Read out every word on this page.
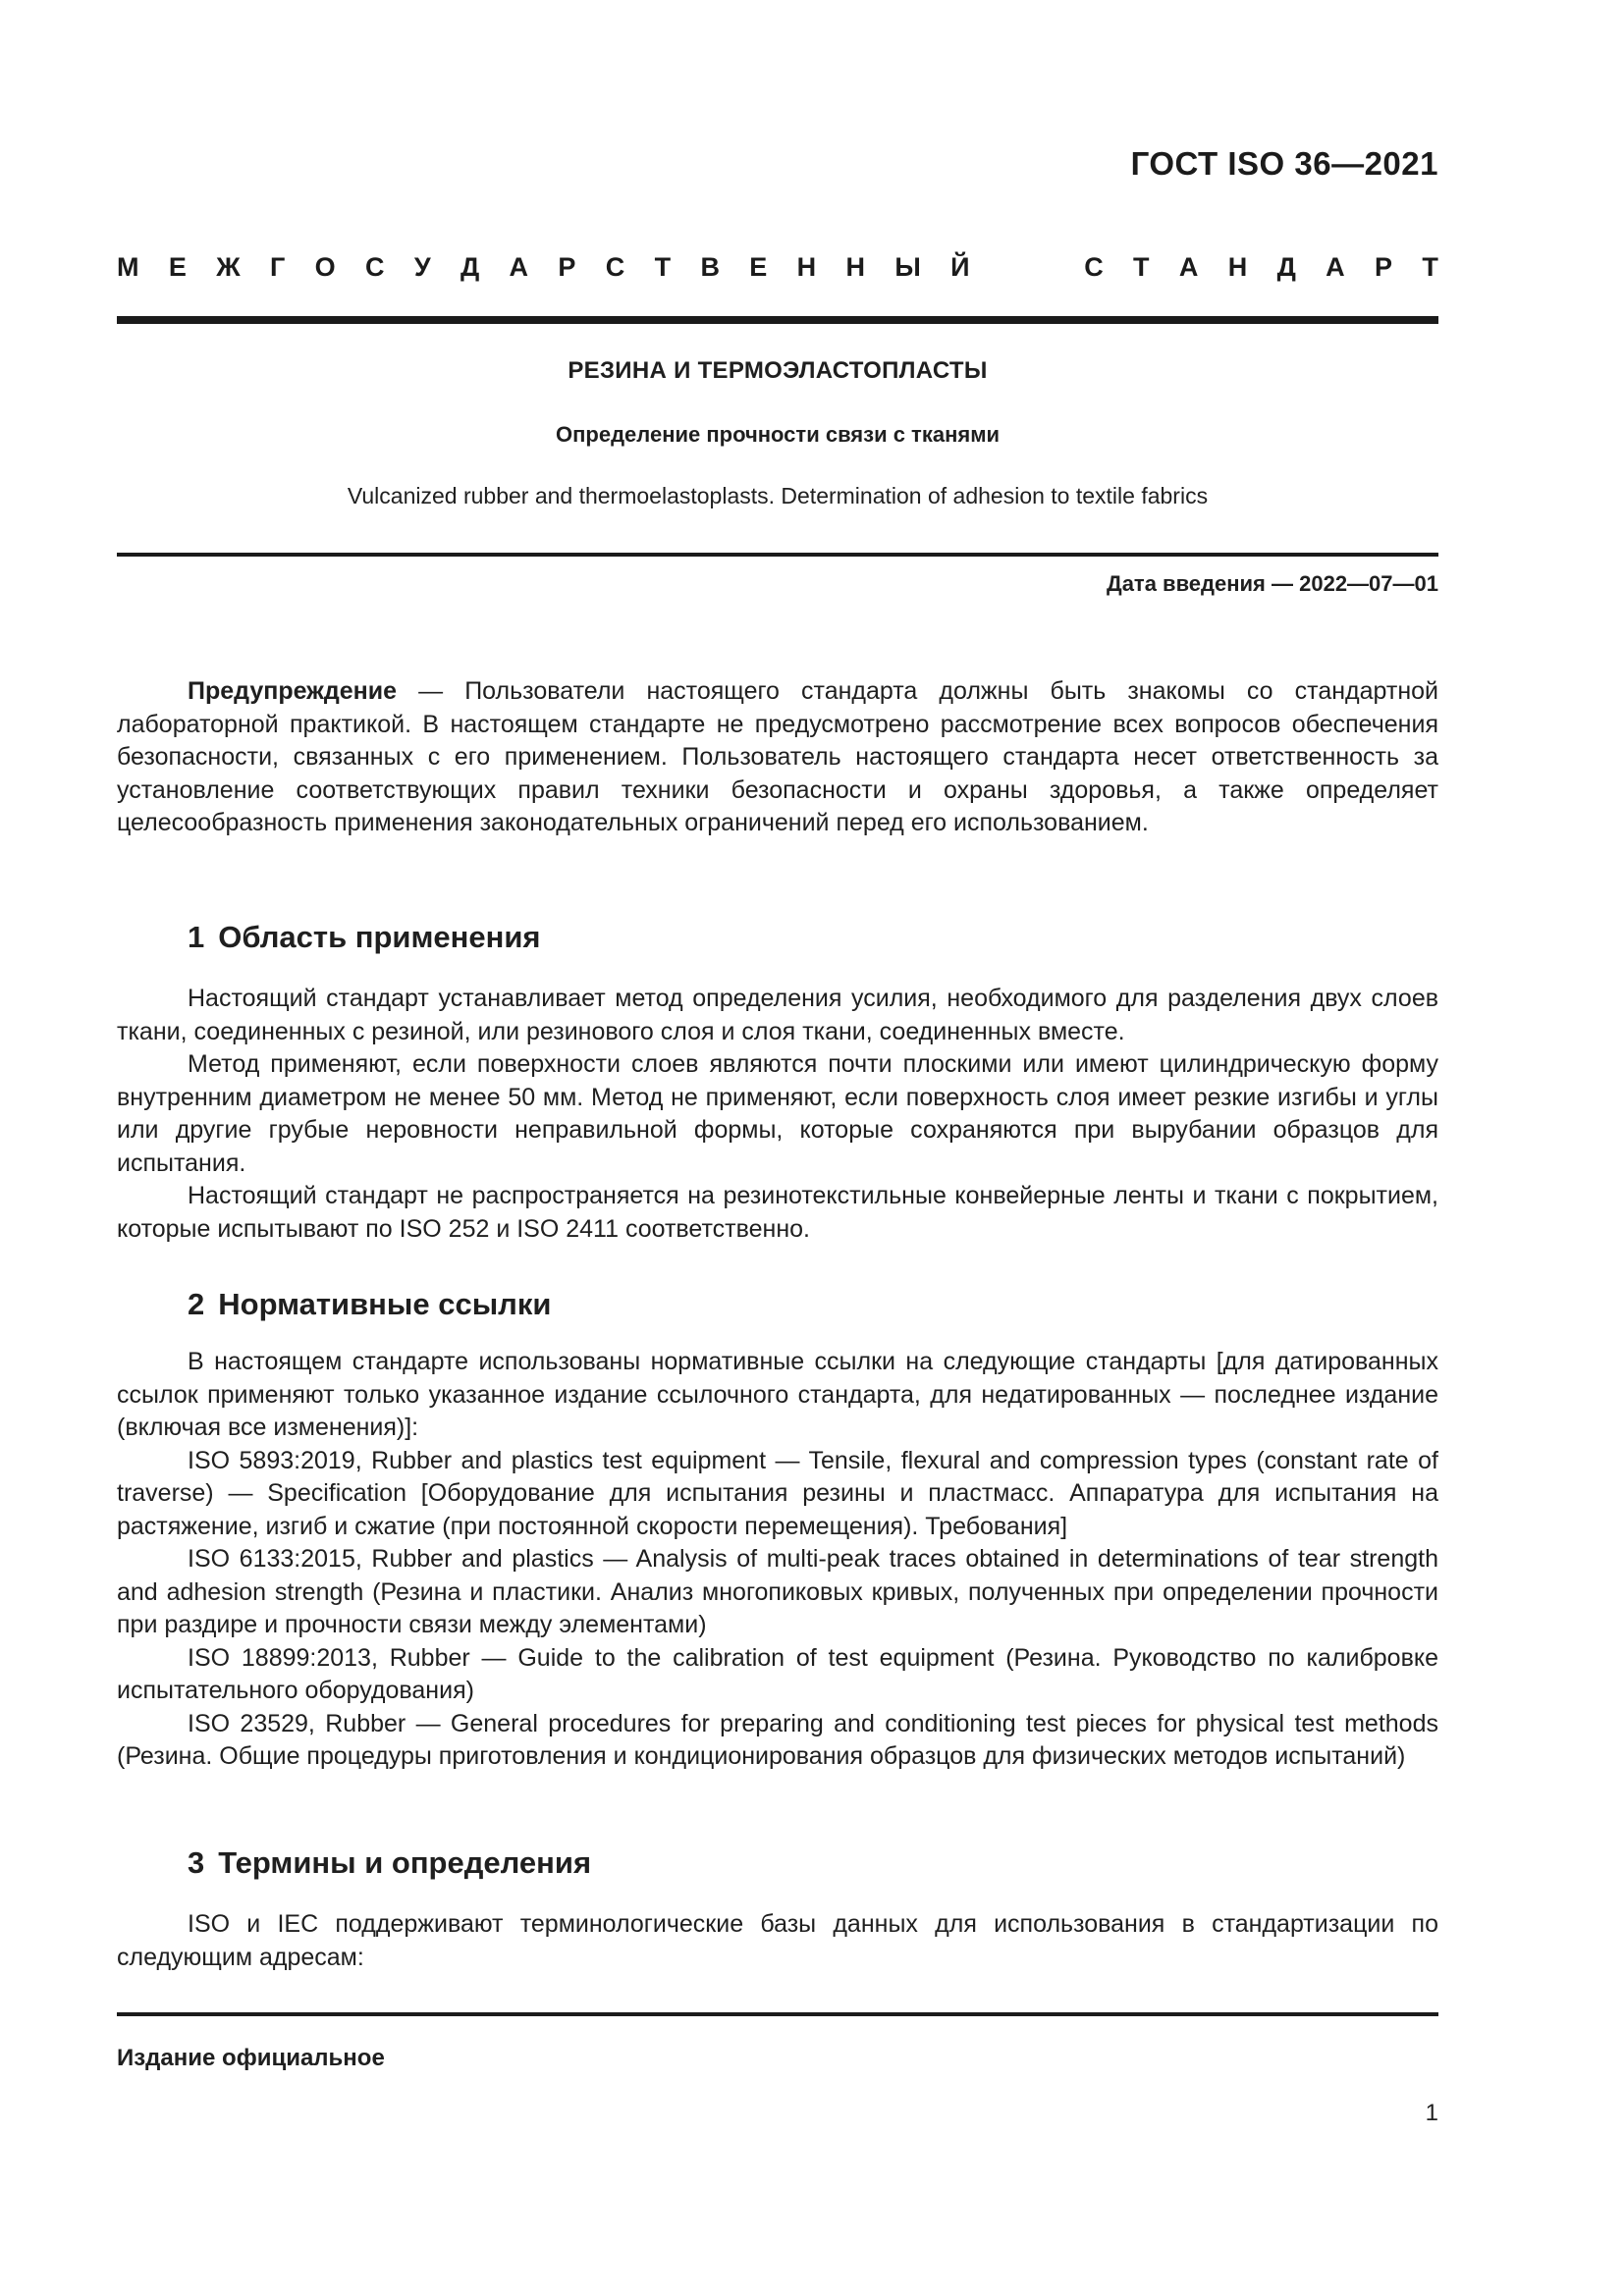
ГОСТ ISO 36—2021
М Е Ж Г О С У Д А Р С Т В Е Н Н Ы Й	С Т А Н Д А Р Т
РЕЗИНА И ТЕРМОЭЛАСТОПЛАСТЫ
Определение прочности связи с тканями
Vulcanized rubber and thermoelastoplasts. Determination of adhesion to textile fabrics
Дата введения — 2022—07—01

Предупреждение — Пользователи настоящего стандарта должны быть знакомы со стандартной лабораторной практикой. В настоящем стандарте не предусмотрено рассмотрение всех вопросов обеспечения безопасности, связанных с его применением. Пользователь настоящего стандарта несет ответственность за установление соответствующих правил техники безопасности и охраны здоровья, а также определяет целесообразность применения законодательных ограничений перед его использованием.

1 Область применения

Настоящий стандарт устанавливает метод определения усилия, необходимого для разделения двух слоев ткани, соединенных с резиной, или резинового слоя и слоя ткани, соединенных вместе.

Метод применяют, если поверхности слоев являются почти плоскими или имеют цилиндрическую форму внутренним диаметром не менее 50 мм. Метод не применяют, если поверхность слоя имеет резкие изгибы и углы или другие грубые неровности неправильной формы, которые сохраняются при вырубании образцов для испытания.

Настоящий стандарт не распространяется на резинотекстильные конвейерные ленты и ткани с покрытием, которые испытывают по ISO 252 и ISO 2411 соответственно.

2 Нормативные ссылки

В настоящем стандарте использованы нормативные ссылки на следующие стандарты [для датированных ссылок применяют только указанное издание ссылочного стандарта, для недатированных — последнее издание (включая все изменения)]:

ISO 5893:2019, Rubber and plastics test equipment — Tensile, flexural and compression types (constant rate of traverse) — Specification [Оборудование для испытания резины и пластмасс. Аппаратура для испытания на растяжение, изгиб и сжатие (при постоянной скорости перемещения). Требования]

ISO 6133:2015, Rubber and plastics — Analysis of multi-peak traces obtained in determinations of tear strength and adhesion strength (Резина и пластики. Анализ многопиковых кривых, полученных при определении прочности при раздире и прочности связи между элементами)

ISO 18899:2013, Rubber — Guide to the calibration of test equipment (Резина. Руководство по калибровке испытательного оборудования)

ISO 23529, Rubber — General procedures for preparing and conditioning test pieces for physical test methods (Резина. Общие процедуры приготовления и кондиционирования образцов для физических методов испытаний)

3 Термины и определения

ISO и IEC поддерживают терминологические базы данных для использования в стандартизации по следующим адресам:

Издание официальное
1
